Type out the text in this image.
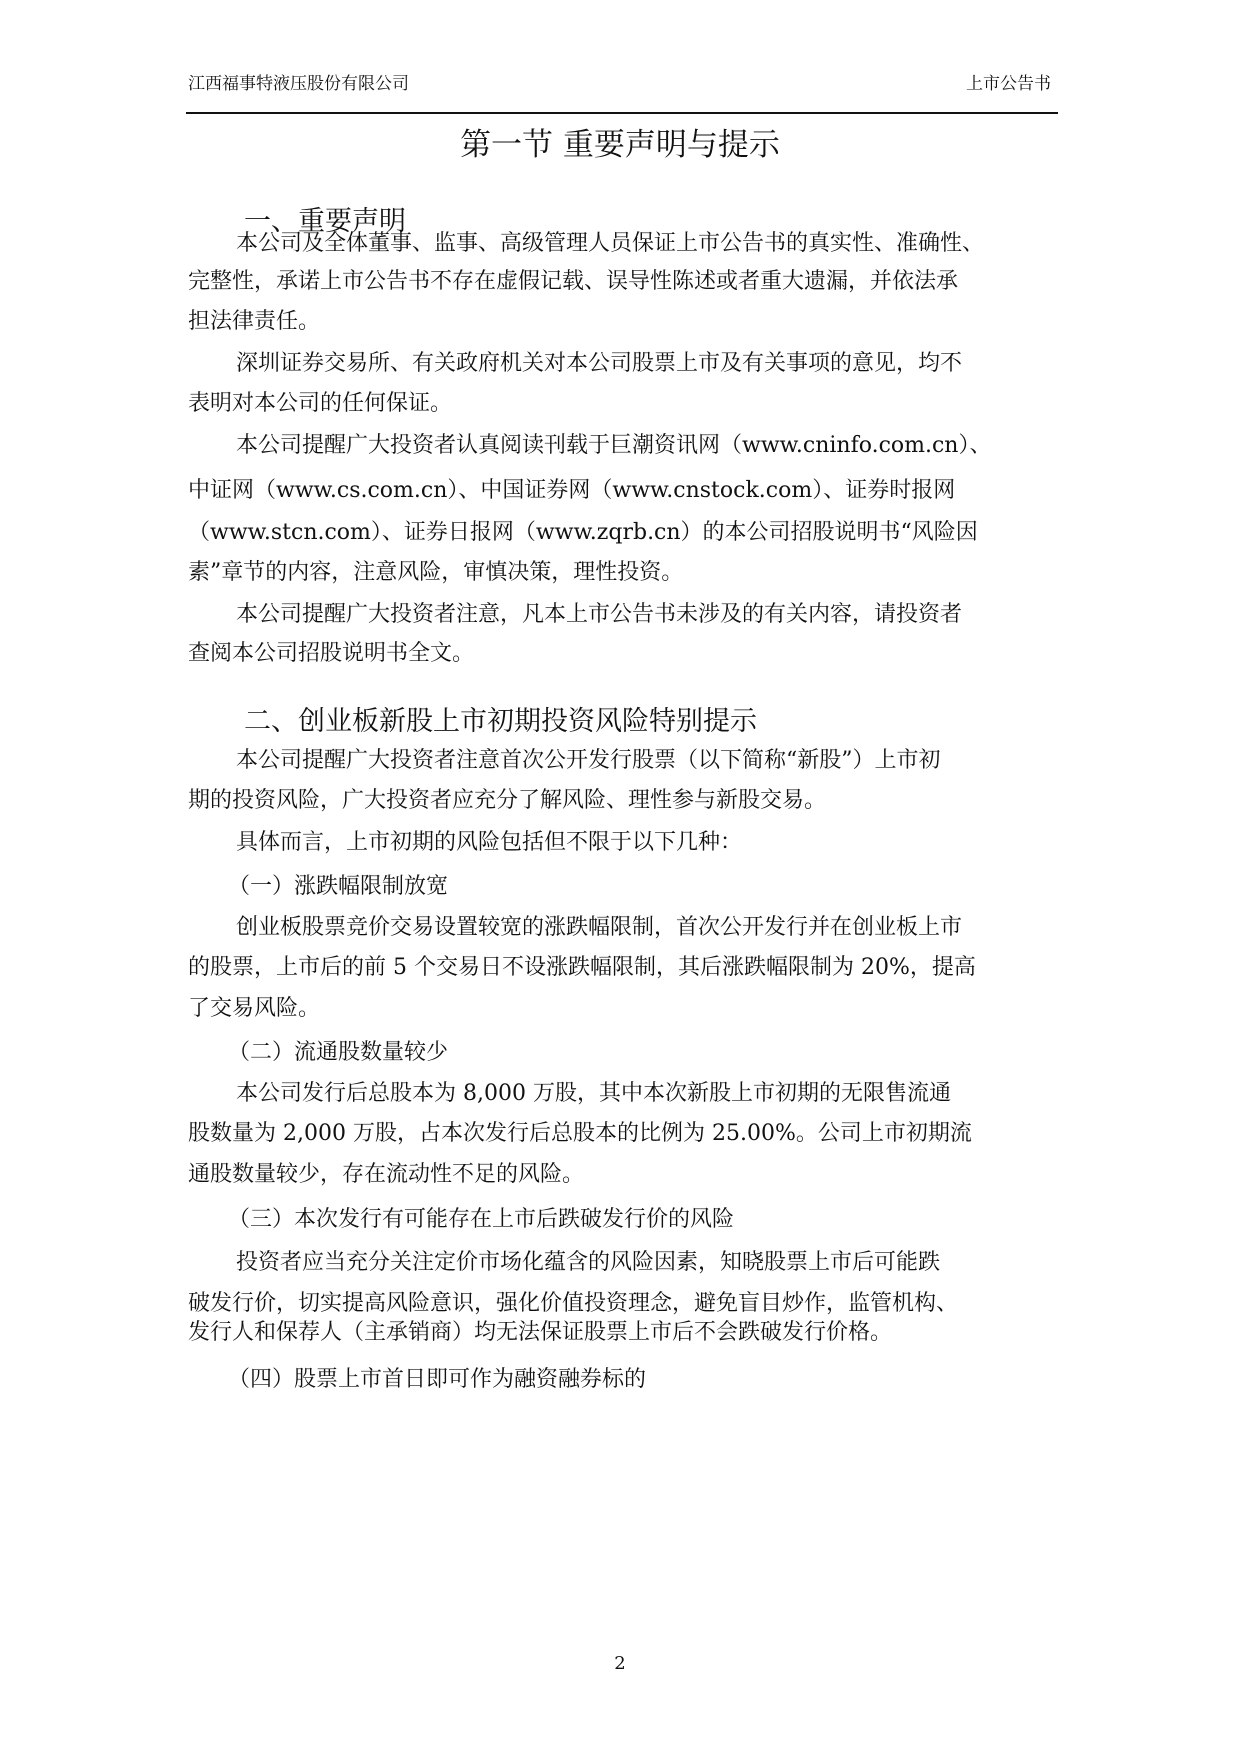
江西福事特液压股份有限公司	上市公告书
第一节 重要声明与提示
一、重要声明
本公司及全体董事、监事、高级管理人员保证上市公告书的真实性、准确性、
完整性，承诺上市公告书不存在虚假记载、误导性陈述或者重大遗漏，并依法承
担法律责任。
深圳证券交易所、有关政府机关对本公司股票上市及有关事项的意见，均不
表明对本公司的任何保证。
本公司提醒广大投资者认真阅读刊载于巨潮资讯网（www.cninfo.com.cn）、
中证网（www.cs.com.cn）、中国证券网（www.cnstock.com）、证券时报网
（www.stcn.com）、证券日报网（www.zqrb.cn）的本公司招股说明书“风险因
素”章节的内容，注意风险，审慎决策，理性投资。
本公司提醒广大投资者注意，凡本上市公告书未涉及的有关内容，请投资者
查阅本公司招股说明书全文。
二、创业板新股上市初期投资风险特别提示
本公司提醒广大投资者注意首次公开发行股票（以下简称“新股”）上市初
期的投资风险，广大投资者应充分了解风险、理性参与新股交易。
具体而言，上市初期的风险包括但不限于以下几种：
（一）涨跌幅限制放宽
创业板股票竞价交易设置较宽的涨跌幅限制，首次公开发行并在创业板上市
的股票，上市后的前 5 个交易日不设涨跌幅限制，其后涨跌幅限制为 20%，提高
了交易风险。
（二）流通股数量较少
本公司发行后总股本为 8,000 万股，其中本次新股上市初期的无限售流通
股数量为 2,000 万股，占本次发行后总股本的比例为 25.00%。公司上市初期流
通股数量较少，存在流动性不足的风险。
（三）本次发行有可能存在上市后跌破发行价的风险
投资者应当充分关注定价市场化蕴含的风险因素，知晓股票上市后可能跌
破发行价，切实提高风险意识，强化价值投资理念，避免盲目炒作，监管机构、
发行人和保荐人（主承销商）均无法保证股票上市后不会跌破发行价格。
（四）股票上市首日即可作为融资融券标的
2
